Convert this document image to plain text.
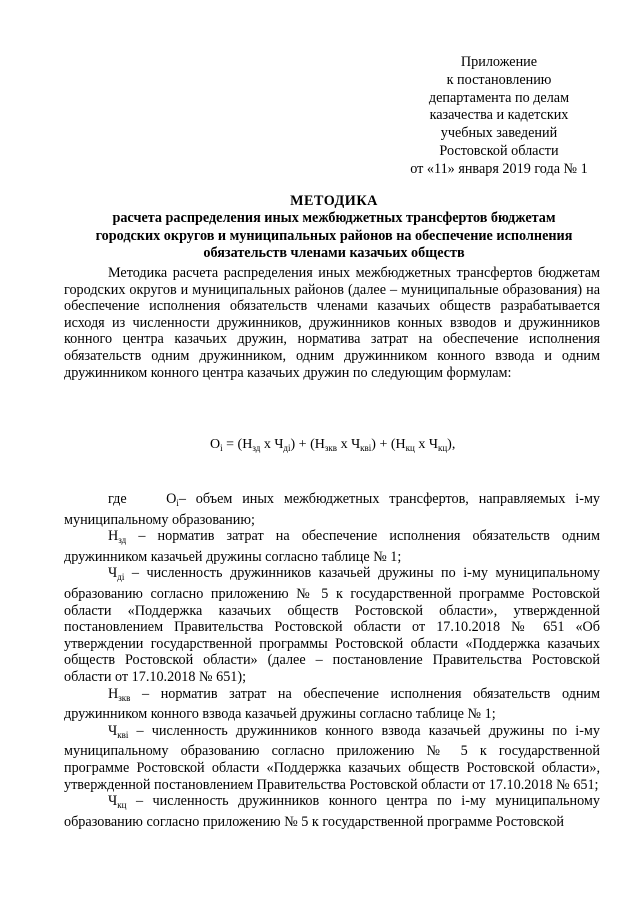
Приложение
к постановлению
департамента по делам
казачества и кадетских
учебных заведений
Ростовской области
от «11» января 2019 года № 1
МЕТОДИКА
расчета распределения иных межбюджетных трансфертов бюджетам
городских округов и муниципальных районов на обеспечение исполнения
обязательств членами казачьих обществ

Методика расчета распределения иных межбюджетных трансфертов бюджетам городских округов и муниципальных районов (далее – муниципальные образования) на обеспечение исполнения обязательств членами казачьих обществ разрабатывается исходя из численности дружинников, дружинников конных взводов и дружинников конного центра казачьих дружин, норматива затрат на обеспечение исполнения обязательств одним дружинником, одним дружинником конного взвода и одним дружинником конного центра казачьих дружин по следующим формулам:

$O_i = (Н_{зд}$ x $Ч_{дi}) + (Н_{зкв}$ x $Ч_{квi}) + (Н_{кц}$ x $Ч_{кц}$),

где	$O_i-$ объем иных межбюджетных трансфертов, направляемых i-му муниципальному образованию;

$Н_{зд}$ – норматив затрат на обеспечение исполнения обязательств одним дружинником казачьей дружины согласно таблице № 1;

$Ч_{дi}$ – численность дружинников казачьей дружины по i-му муниципальному образованию согласно приложению № 5 к государственной программе Ростовской области «Поддержка казачьих обществ Ростовской области», утвержденной постановлением Правительства Ростовской области от 17.10.2018 № 651 «Об утверждении государственной программы Ростовской области «Поддержка казачьих обществ Ростовской области» (далее – постановление Правительства Ростовской области от 17.10.2018 № 651);

$Н_{зкв}$ – норматив затрат на обеспечение исполнения обязательств одним дружинником конного взвода казачьей дружины согласно таблице № 1;

$Ч_{квi}$ – численность дружинников конного взвода казачьей дружины по i-му муниципальному образованию согласно приложению № 5 к государственной программе Ростовской области «Поддержка казачьих обществ Ростовской области», утвержденной постановлением Правительства Ростовской области от 17.10.2018 № 651;

$Ч_{кц}$ – численность дружинников конного центра по i-му муниципальному образованию согласно приложению № 5 к государственной программе Ростовской
